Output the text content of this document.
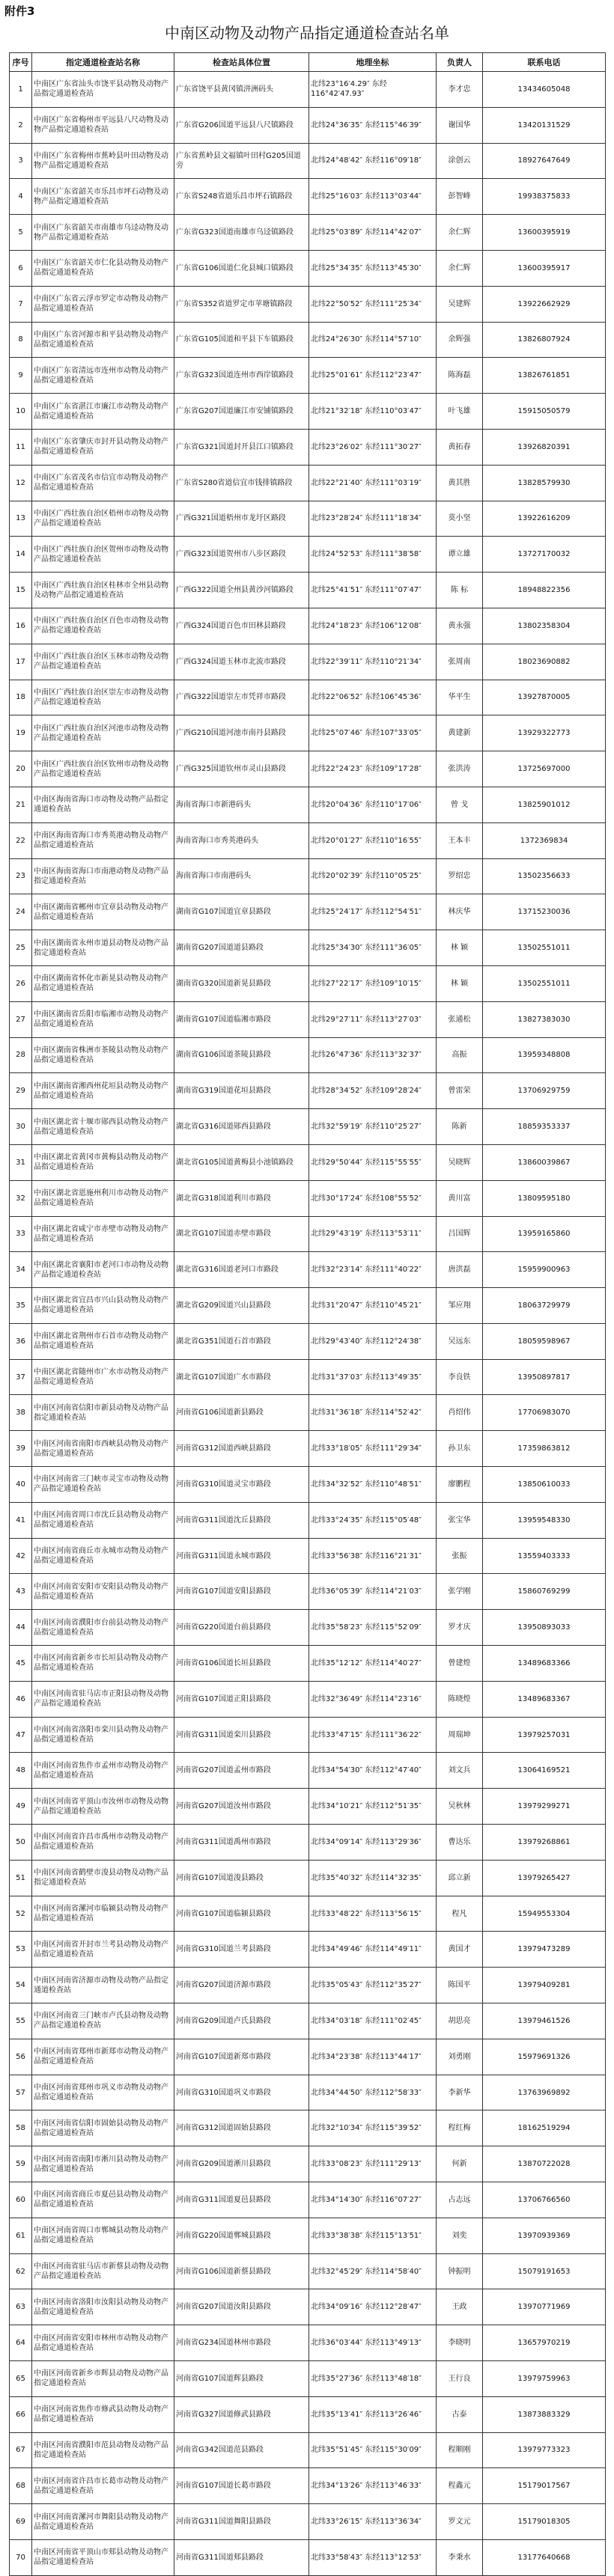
附件3
中南区动物及动物产品指定通道检查站名单
序号	指定通道检查站名称	检查站具体位置	地理坐标	负责人	联系电话
1	中南区广东省汕头市饶平县动物及动物产品指定通道检查站	广东省饶平县黄冈镇汫洲码头	北纬23°16′4.29″ 东经116°42′47.93″	李才忠	13434605048
2	中南区广东省梅州市平远县八尺动物及动物产品指定通道检查站	广东省G206国道平远县八尺镇路段	北纬24°36′35″ 东经115°46′39″	谢国华	13420131529
3	中南区广东省梅州市蕉岭县叶田动物及动物产品指定通道检查站	广东省蕉岭县文福镇叶田村G205国道旁	北纬24°48′42″ 东经116°09′18″	涂创云	18927647649
4	中南区广东省韶关市乐昌市坪石动物及动物产品指定通道检查站	广东省S248省道乐昌市坪石镇路段	北纬25°16′03″ 东经113°03′44″	彭智峰	19938375833
5	中南区广东省韶关市南雄市乌迳动物及动物产品指定通道检查站	广东省G323国道南雄市乌迳镇路段	北纬25°03′89″ 东经114°42′07″	余仁辉	13600395919
6	中南区广东省韶关市仁化县动物及动物产品指定通道检查站	广东省G106国道仁化县城口镇路段	北纬25°34′35″ 东经113°45′30″	余仁辉	13600395917
7	中南区广东省云浮市罗定市动物及动物产品指定通道检查站	广东省S352省道罗定市苹塘镇路段	北纬22°50′52″ 东经111°25′34″	吴建辉	13922662929
8	中南区广东省河源市和平县动物及动物产品指定通道检查站	广东省G105国道和平县下车镇路段	北纬24°26′30″ 东经114°57′10″	余辉强	13826807924
9	中南区广东省清远市连州市动物及动物产品指定通道检查站	广东省G323国道连州市西岸镇路段	北纬25°01′61″ 东经112°23′47″	陈海磊	13826761851
10	中南区广东省湛江市廉江市动物及动物产品指定通道检查站	广东省G207国道廉江市安铺镇路段	北纬21°32′18″ 东经110°03′47″	叶飞雄	15915050579
11	中南区广东省肇庆市封开县动物及动物产品指定通道检查站	广东省G321国道封开县江口镇路段	北纬23°26′02″ 东经111°30′27″	黄拓春	13926820391
12	中南区广东省茂名市信宜市动物及动物产品指定通道检查站	广东省S280省道信宜市钱排镇路段	北纬22°21′40″ 东经111°03′19″	黄其胜	13828579930
13	中南区广西壮族自治区梧州市动物及动物产品指定通道检查站	广西G321国道梧州市龙圩区路段	北纬23°28′24″ 东经111°18′34″	莫小坚	13922616209
14	中南区广西壮族自治区贺州市动物及动物产品指定通道检查站	广西G323国道贺州市八步区路段	北纬24°52′53″ 东经111°38′58″	谭立雄	13727170032
15	中南区广西壮族自治区桂林市全州县动物及动物产品指定通道检查站	广西G322国道全州县黄沙河镇路段	北纬25°41′51″ 东经111°07′47″	陈 标	18948822356
16	中南区广西壮族自治区百色市动物及动物产品指定通道检查站	广西G324国道百色市田林县路段	北纬24°18′23″ 东经106°12′08″	黄永强	13802358304
17	中南区广西壮族自治区玉林市动物及动物产品指定通道检查站	广西G324国道玉林市北流市路段	北纬22°39′11″ 东经110°21′34″	张周南	18023690882
18	中南区广西壮族自治区崇左市动物及动物产品指定通道检查站	广西G322国道崇左市凭祥市路段	北纬22°06′52″ 东经106°45′36″	华平生	13927870005
19	中南区广西壮族自治区河池市动物及动物产品指定通道检查站	广西G210国道河池市南丹县路段	北纬25°07′46″ 东经107°33′05″	黄建新	13929322773
20	中南区广西壮族自治区钦州市动物及动物产品指定通道检查站	广西G325国道钦州市灵山县路段	北纬22°24′23″ 东经109°17′28″	张洪涛	13725697000
21	中南区海南省海口市动物及动物产品指定通道检查站	海南省海口市新港码头	北纬20°04′36″ 东经110°17′06″	曾 戈	13825901012
22	中南区海南省海口市秀英港动物及动物产品指定通道检查站	海南省海口市秀英港码头	北纬20°01′27″ 东经110°16′55″	王本丰	1372369834
23	中南区海南省海口市南港动物及动物产品指定通道检查站	海南省海口市南港码头	北纬20°02′39″ 东经110°05′25″	罗绍忠	13502356633
24	中南区湖南省郴州市宜章县动物及动物产品指定通道检查站	湖南省G107国道宜章县路段	北纬25°24′17″ 东经112°54′51″	林庆华	13715230036
25	中南区湖南省永州市道县动物及动物产品指定通道检查站	湖南省G207国道道县路段	北纬25°34′30″ 东经111°36′05″	林 颖	13502551011
26	中南区湖南省怀化市新晃县动物及动物产品指定通道检查站	湖南省G320国道新晃县路段	北纬27°22′17″ 东经109°10′15″	林 颖	13502551011
27	中南区湖南省岳阳市临湘市动物及动物产品指定通道检查站	湖南省G107国道临湘市路段	北纬29°27′11″ 东经113°27′03″	张通松	13827383030
28	中南区湖南省株洲市茶陵县动物及动物产品指定通道检查站	湖南省G106国道茶陵县路段	北纬26°47′36″ 东经113°32′37″	高振	13959348808
29	中南区湖南省湘西州花垣县动物及动物产品指定通道检查站	湖南省G319国道花垣县路段	北纬28°34′52″ 东经109°28′24″	曾雷荣	13706929759
30	中南区湖北省十堰市郧西县动物及动物产品指定通道检查站	湖北省G316国道郧西县路段	北纬32°59′19″ 东经110°25′27″	陈新	18859353337
31	中南区湖北省黄冈市黄梅县动物及动物产品指定通道检查站	湖北省G105国道黄梅县小池镇路段	北纬29°50′44″ 东经115°55′55″	吴晓辉	13860039867
32	中南区湖北省恩施州利川市动物及动物产品指定通道检查站	湖北省G318国道利川市路段	北纬30°17′24″ 东经108°55′52″	黄川富	13809595180
33	中南区湖北省咸宁市赤壁市动物及动物产品指定通道检查站	湖北省G107国道赤壁市路段	北纬29°43′19″ 东经113°53′11″	吕国辉	13959165860
34	中南区湖北省襄阳市老河口市动物及动物产品指定通道检查站	湖北省G316国道老河口市路段	北纬32°23′14″ 东经111°40′22″	唐洪磊	15959900963
35	中南区湖北省宜昌市兴山县动物及动物产品指定通道检查站	湖北省G209国道兴山县路段	北纬31°20′47″ 东经110°45′21″	邹应翔	18063729979
36	中南区湖北省荆州市石首市动物及动物产品指定通道检查站	湖北省G351国道石首市路段	北纬29°43′40″ 东经112°24′38″	吴远东	18059598967
37	中南区湖北省随州市广水市动物及动物产品指定通道检查站	湖北省G107国道广水市路段	北纬31°37′03″ 东经113°49′35″	李良铁	13950897817
38	中南区河南省信阳市新县动物及动物产品指定通道检查站	河南省G106国道新县路段	北纬31°36′18″ 东经114°52′42″	肖绍伟	17706983070
39	中南区河南省南阳市西峡县动物及动物产品指定通道检查站	河南省G312国道西峡县路段	北纬33°18′05″ 东经111°29′34″	孙卫东	17359863812
40	中南区河南省三门峡市灵宝市动物及动物产品指定通道检查站	河南省G310国道灵宝市路段	北纬34°32′52″ 东经110°48′51″	廖鹏程	13850610033
41	中南区河南省周口市沈丘县动物及动物产品指定通道检查站	河南省G311国道沈丘县路段	北纬33°24′35″ 东经115°05′48″	张宝华	13959548330
42	中南区河南省商丘市永城市动物及动物产品指定通道检查站	河南省G311国道永城市路段	北纬33°56′38″ 东经116°21′31″	张振	13559403333
43	中南区河南省安阳市安阳县动物及动物产品指定通道检查站	河南省G107国道安阳县路段	北纬36°05′39″ 东经114°21′03″	张学刚	15860769299
44	中南区河南省濮阳市台前县动物及动物产品指定通道检查站	河南省G220国道台前县路段	北纬35°58′23″ 东经115°52′09″	罗才庆	13950893033
45	中南区河南省新乡市长垣县动物及动物产品指定通道检查站	河南省G106国道长垣县路段	北纬35°12′12″ 东经114°40′27″	曾建煌	13489683366
46	中南区河南省驻马店市正阳县动物及动物产品指定通道检查站	河南省G107国道正阳县路段	北纬32°36′49″ 东经114°23′16″	陈晓煌	13489683367
47	中南区河南省洛阳市栾川县动物及动物产品指定通道检查站	河南省G311国道栾川县路段	北纬33°47′15″ 东经111°36′22″	周瑞坤	13979257031
48	中南区河南省焦作市孟州市动物及动物产品指定通道检查站	河南省G207国道孟州市路段	北纬34°54′30″ 东经112°47′40″	刘文兵	13064169521
49	中南区河南省平顶山市汝州市动物及动物产品指定通道检查站	河南省G207国道汝州市路段	北纬34°10′21″ 东经112°51′35″	吴秋林	13979299271
50	中南区河南省许昌市禹州市动物及动物产品指定通道检查站	河南省G311国道禹州市路段	北纬34°09′14″ 东经113°29′36″	曹达乐	13979268861
51	中南区河南省鹤壁市浚县动物及动物产品指定通道检查站	河南省G107国道浚县路段	北纬35°40′32″ 东经114°32′35″	邱立新	13979265427
52	中南区河南省漯河市临颍县动物及动物产品指定通道检查站	河南省G107国道临颍县路段	北纬33°48′22″ 东经113°56′15″	程凡	15949553304
53	中南区河南省开封市兰考县动物及动物产品指定通道检查站	河南省G310国道兰考县路段	北纬34°49′46″ 东经114°49′11″	黄国才	13979473289
54	中南区河南省济源市动物及动物产品指定通道检查站	河南省G207国道济源市路段	北纬35°05′43″ 东经112°35′27″	陈国平	13979409281
55	中南区河南省三门峡市卢氏县动物及动物产品指定通道检查站	河南省G209国道卢氏县路段	北纬34°03′18″ 东经111°02′45″	胡思亮	13979461526
56	中南区河南省郑州市新郑市动物及动物产品指定通道检查站	河南省G107国道新郑市路段	北纬34°23′38″ 东经113°44′17″	刘勇刚	15979691326
57	中南区河南省郑州市巩义市动物及动物产品指定通道检查站	河南省G310国道巩义市路段	北纬34°44′50″ 东经112°58′33″	李新华	13763969892
58	中南区河南省信阳市固始县动物及动物产品指定通道检查站	河南省G312国道固始县路段	北纬32°10′34″ 东经115°39′52″	程红梅	18162519294
59	中南区河南省南阳市淅川县动物及动物产品指定通道检查站	河南省G209国道淅川县路段	北纬33°08′23″ 东经111°29′13″	何新	13870722028
60	中南区河南省商丘市夏邑县动物及动物产品指定通道检查站	河南省G311国道夏邑县路段	北纬34°14′30″ 东经116°07′27″	占志远	13706766560
61	中南区河南省周口市郸城县动物及动物产品指定通道检查站	河南省G220国道郸城县路段	北纬33°38′38″ 东经115°13′51″	刘奕	13970939369
62	中南区河南省驻马店市新蔡县动物及动物产品指定通道检查站	河南省G106国道新蔡县路段	北纬32°45′29″ 东经114°58′40″	钟振明	15079191653
63	中南区河南省洛阳市汝阳县动物及动物产品指定通道检查站	河南省G207国道汝阳县路段	北纬34°09′16″ 东经112°28′47″	王政	13970771969
64	中南区河南省安阳市林州市动物及动物产品指定通道检查站	河南省G234国道林州市路段	北纬36°03′44″ 东经113°49′13″	李晓明	13657970219
65	中南区河南省新乡市辉县动物及动物产品指定通道检查站	河南省G107国道辉县路段	北纬35°27′36″ 东经113°48′18″	王行良	13979759963
66	中南区河南省焦作市修武县动物及动物产品指定通道检查站	河南省G327国道修武县路段	北纬35°13′41″ 东经113°26′46″	古泰	13873883329
67	中南区河南省濮阳市范县动物及动物产品指定通道检查站	河南省G342国道范县路段	北纬35°51′45″ 东经115°30′09″	程顺刚	13979773323
68	中南区河南省许昌市长葛市动物及动物产品指定通道检查站	河南省G107国道长葛市路段	北纬34°13′26″ 东经113°46′33″	程鑫元	15179017567
69	中南区河南省漯河市舞阳县动物及动物产品指定通道检查站	河南省G311国道舞阳县路段	北纬33°26′15″ 东经113°36′34″	罗文元	15179018305
70	中南区河南省平顶山市郏县动物及动物产品指定通道检查站	河南省G311国道郏县路段	北纬33°58′43″ 东经113°12′53″	李秉水	13177640668
